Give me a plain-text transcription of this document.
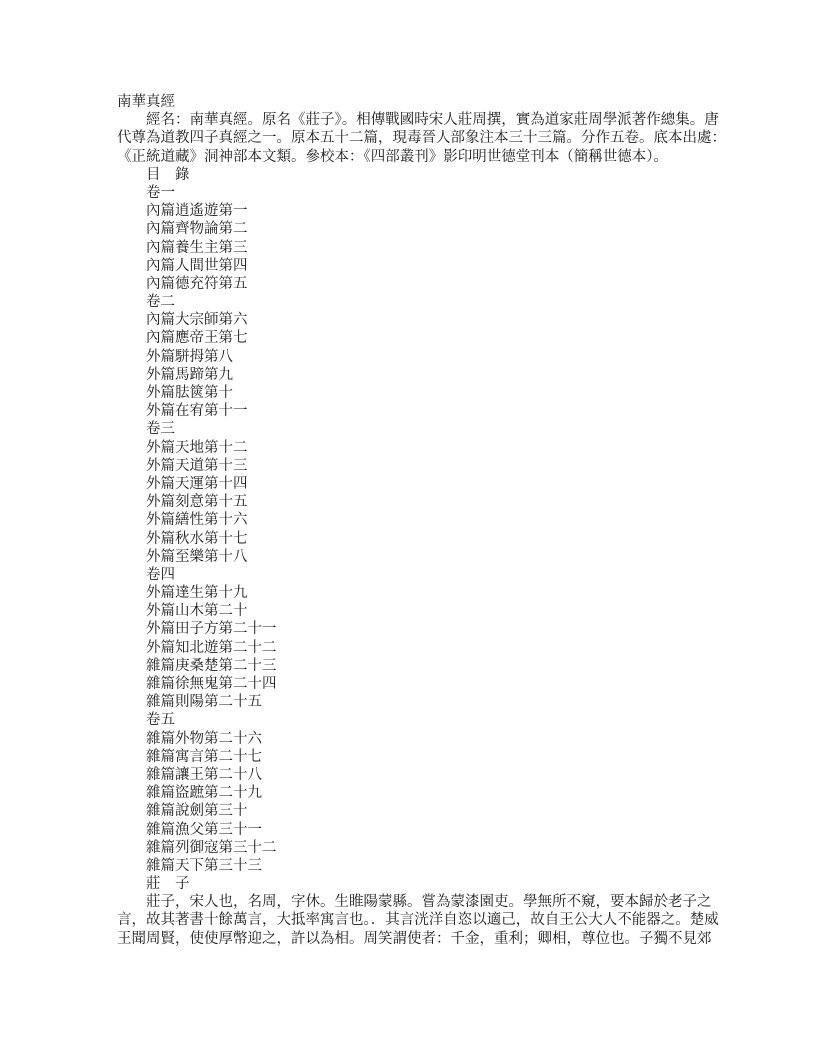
南華真經
經名：南華真經。原名《莊子》。相傳戰國時宋人莊周撰，實為道家莊周學派著作總集。唐
代尊為道教四子真經之一。原本五十二篇，現毒晉人部象注本三十三篇。分作五卷。底本出處：
《正統道藏》洞神部本文類。參校本：《四部叢刊》影印明世德堂刊本（簡稱世德本）。
目　錄
卷一
內篇逍遙遊第一
內篇齊物論第二
內篇養生主第三
內篇人間世第四
內篇德充符第五
卷二
內篇大宗師第六
內篇應帝王第七
外篇駢拇第八
外篇馬蹄第九
外篇胠篋第十
外篇在宥第十一
卷三
外篇天地第十二
外篇天道第十三
外篇天運第十四
外篇刻意第十五
外篇繕性第十六
外篇秋水第十七
外篇至樂第十八
卷四
外篇達生第十九
外篇山木第二十
外篇田子方第二十一
外篇知北遊第二十二
雜篇庚桑楚第二十三
雜篇徐無鬼第二十四
雜篇則陽第二十五
卷五
雜篇外物第二十六
雜篇寓言第二十七
雜篇讓王第二十八
雜篇盜蹠第二十九
雜篇說劍第三十
雜篇漁父第三十一
雜篇列御寇第三十二
雜篇天下第三十三
莊　子
莊子，宋人也，名周，字休。生睢陽蒙縣。嘗為蒙漆園吏。學無所不窺，要本歸於老子之
言，故其著書十餘萬言，大抵率寓言也。．其言洸洋自恣以適己，故自王公大人不能器之。楚威
王聞周賢，使使厚幣迎之，許以為相。周笑謂使者：千金，重利；卿相，尊位也。子獨不見郊
